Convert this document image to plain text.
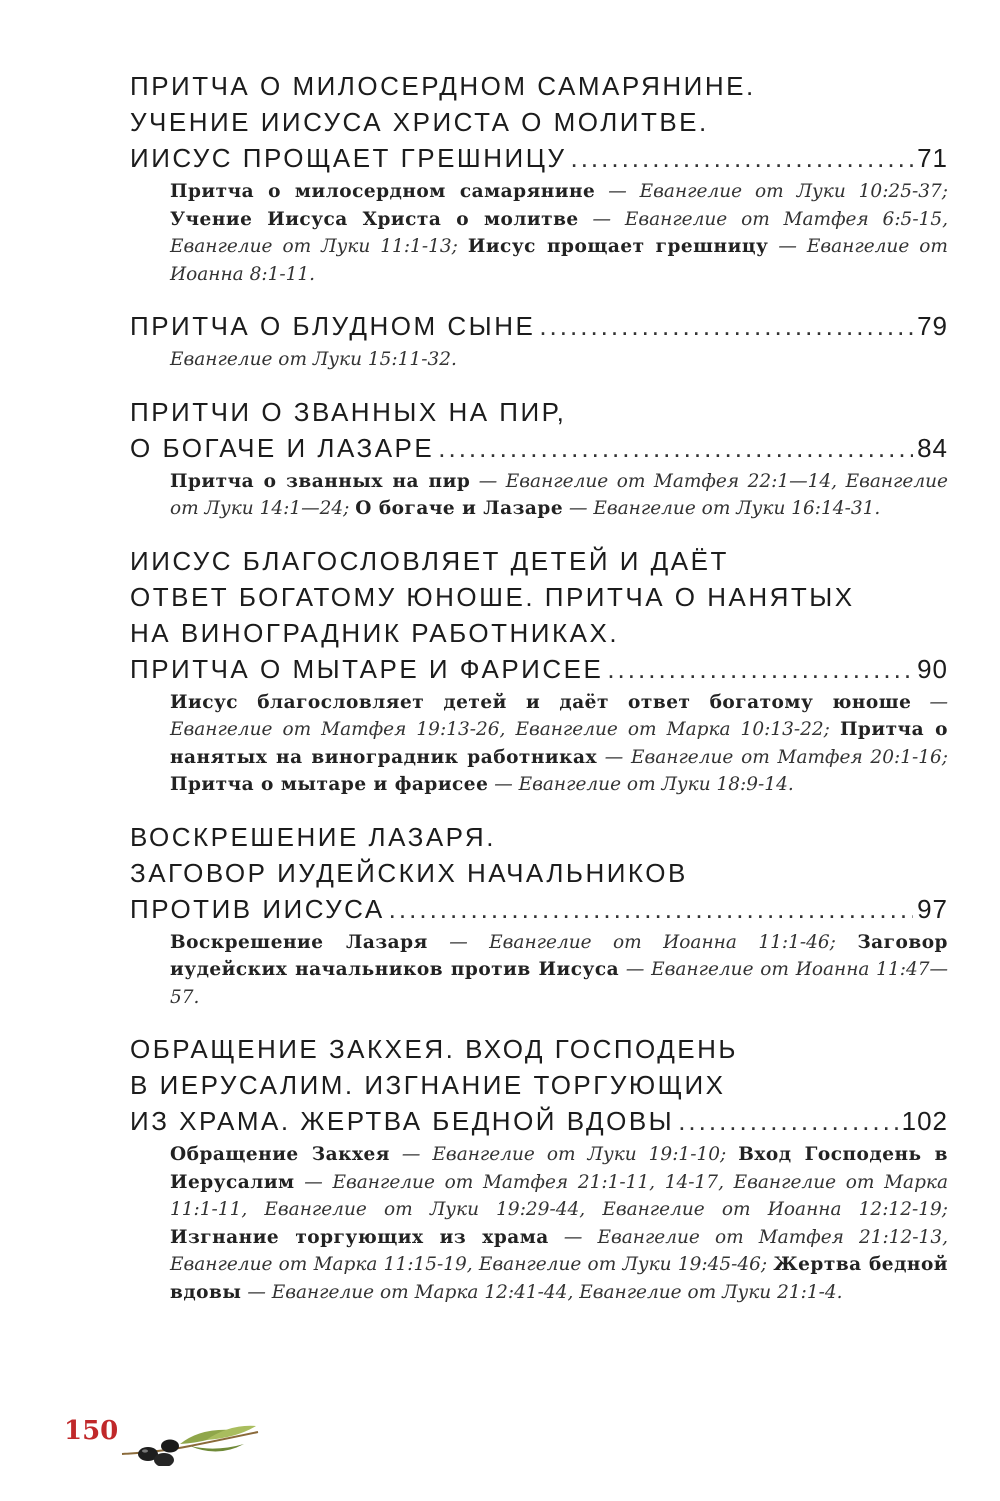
ПРИТЧА О МИЛОСЕРДНОМ САМАРЯНИНЕ.
УЧЕНИЕ ИИСУСА ХРИСТА О МОЛИТВЕ.
ИИСУС ПРОЩАЕТ ГРЕШНИЦУ .....	71
Притча о милосердном самарянине — Евангелие от Луки 10:25-37; Учение Иисуса Христа о молитве — Евангелие от Матфея 6:5-15, Евангелие от Луки 11:1-13; Иисус прощает грешницу — Евангелие от Иоанна 8:1-11.
ПРИТЧА О БЛУДНОМ СЫНЕ .....	79
Евангелие от Луки 15:11-32.
ПРИТЧИ О ЗВАННЫХ НА ПИР,
О БОГАЧЕ И ЛАЗАРЕ .....	84
Притча о званных на пир — Евангелие от Матфея 22:1—14, Евангелие от Луки 14:1—24; О богаче и Лазаре — Евангелие от Луки 16:14-31.
ИИСУС БЛАГОСЛОВЛЯЕТ ДЕТЕЙ И ДАЁТ
ОТВЕТ БОГАТОМУ ЮНОШЕ. ПРИТЧА О НАНЯТЫХ
НА ВИНОГРАДНИК РАБОТНИКАХ.
ПРИТЧА О МЫТАРЕ И ФАРИСЕЕ .....	90
Иисус благословляет детей и даёт ответ богатому юноше — Евангелие от Матфея 19:13-26, Евангелие от Марка 10:13-22; Притча о нанятых на виноградник работниках — Евангелие от Матфея 20:1-16; Притча о мытаре и фарисее — Евангелие от Луки 18:9-14.
ВОСКРЕШЕНИЕ ЛАЗАРЯ.
ЗАГОВОР ИУДЕЙСКИХ НАЧАЛЬНИКОВ
ПРОТИВ ИИСУСА .....	97
Воскрешение Лазаря — Евангелие от Иоанна 11:1-46; Заговор иудейских начальников против Иисуса — Евангелие от Иоанна 11:47—57.
ОБРАЩЕНИЕ ЗАКХЕЯ. ВХОД ГОСПОДЕНЬ
В ИЕРУСАЛИМ. ИЗГНАНИЕ ТОРГУЮЩИХ
ИЗ ХРАМА. ЖЕРТВА БЕДНОЙ ВДОВЫ .....	102
Обращение Закхея — Евангелие от Луки 19:1-10; Вход Господень в Иерусалим — Евангелие от Матфея 21:1-11, 14-17, Евангелие от Марка 11:1-11, Евангелие от Луки 19:29-44, Евангелие от Иоанна 12:12-19; Изгнание торгующих из храма — Евангелие от Матфея 21:12-13, Евангелие от Марка 11:15-19, Евангелие от Луки 19:45-46; Жертва бедной вдовы — Евангелие от Марка 12:41-44, Евангелие от Луки 21:1-4.
150
